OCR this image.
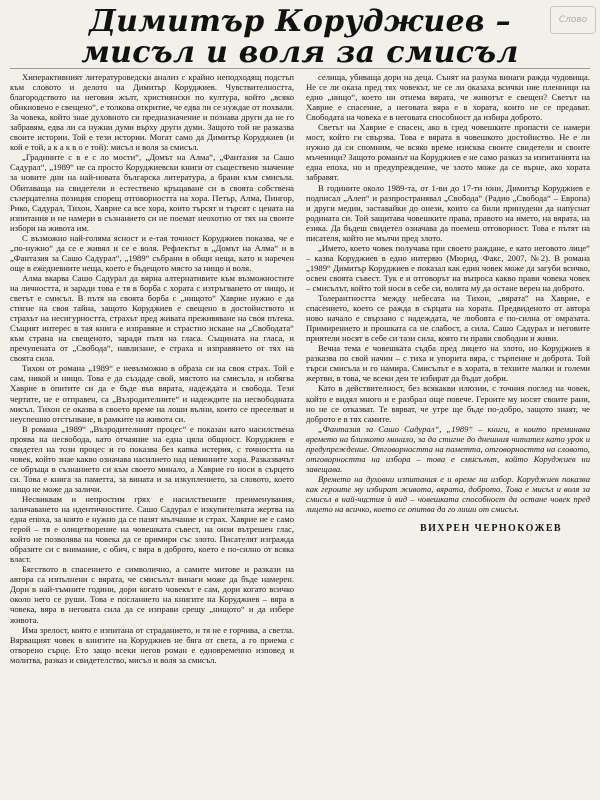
Димитър Коруджиев –
мисъл и воля за смисъл
Слово

Хиперактивният литературоведски анализ с крайно неподходящ подстъп към словото и делото на Димитър Коруджиев. Чувствителността, благородството на неговия жълт, християнски по култура, който „всяко обикновено е свещено“, е толкова откритие, че едва ли се нуждае от похвали. За човека, който знае духовното си предназначение и познава други да не го забравям, едва ли са нужни думи върху други думи. Защото той не разказва своите истории. Той е тези истории. Могат само да Димитър Коруджиев (и кой е той, а к а к в о е той): мисъл и воля за смисъл.

„Градините с в е с ло мости“, „Домът на Алма“, „Фантазия за Сашо Садурал“, „1989“ не са просто Коруджиевски книги от съществено значение за новите дни на най-новата българска литература, а брани към смисъла. Обитаваща на свидетели и естествено кръщаване си в своята собствена съзерцателна позиция спорещ отговорността на хора. Петър, Алма, Пингор, Рико, Садурал, Тихон, Хавриe са все хора, които търсят и търсят с цената на изпитания и не намери в съзнанието си не поемат неохотно от тях на своите избори на живота им.

С възможно най-голяма ясност и е-тая точност Коруджиев показва, че е „по-нужно“ да се е живял и се е воля. Рефлектът в „Домът на Алма“ и в „Фантазия за Сашо Садурал“, „1989“ събрани в общи неща, като и наречен още в ежедневните неща, което е бъдещото място за нищо и воля.

Алма вкарва Сашо Садурал да вярна алтернативите към възможностите на личността, и заради това е тя в борба с хората с изтръгването от нищо, и светът е смисъл. В пътя на своята борба с „нищото“ Хавриe нужно е да стигне на своя тайна, защото Коруджиев е свещено в достойнството и страхът на несигурността, страхът пред живата преживяване на своя пътека. Същият интерес в тая книга е изправяне и страстно искане на „Свободата“ към страна на свещеното, заради пътя на гласа. Същината на гласа, и пречупената от „Свобода“, навлизане, е страха и изправянето от тях на своята сила.

Тихон от романа „1989“ е невъзможно в образа си на своя страх. Той е сам, никой и нищо. Това е да създаде свой, мястото на смисъла, и избягва Хавриe в опитите си да е бъде във вярата, надеждата и свобода. Тези чертите, не е отправен, са „Възродителните“ и надеждите на несвободната мисъл. Тихон се оказва в своето време на лоши вълни, които се преселват и неуспешно отстъпване, в рамките на живота си.

В романа „1989“ „Възродителният процес“ е показан като насилствена проява на несвобода, като отчаяние на една цяла общност. Коруджиев е свидетел на този процес и го показва без капка истерия, с точността на човек, който знае какво означава насилието над невинните хора. Разказвачът се обръща в съзнанието си към своето минало, а Хавриe го носи в сърцето си. Това е книга за паметта, за вината и за изкуплението, за словото, което нищо не може да заличи.

Несвиквам и непростим грях е насилствените преименувания, заличаването на идентичностите. Сашо Садурал е изкупителната жертва на една епоха, за която е нужно да се пазят мълчание и страх. Хавриe не е само герой – тя е олицетворение на човешката съвест, на онзи вътрешен глас, който не позволява на човека да се примири със злото. Писателят изгражда образите си с внимание, с обич, с вяра в доброто, което е по-силно от всяка власт.

Бягството в спасението е символично, а самите митове и разкази на автора са изпълнени с вярата, че смисълът винаги може да бъде намерен. Дори в най-тъмните години, дори когато човекът е сам, дори когато всичко около него се руши. Това е посланието на книгите на Коруджиев – вяра в човека, вяра в неговата сила да се изправи срещу „нищото“ и да избере живота.

Има зрелост, която е изпитана от страданието, и тя не е горчива, а светла. Вярващият човек в книгите на Коруджиев не бяга от света, а го приема с отворено сърце. Ето защо всеки негов роман е едновременно изповед и молитва, разказ и свидетелство, мисъл и воля за смисъл.

селища, убиваща дори на деца. Сънят на разума винаги ражда чудовища. Не се ли оказа пред тях човекът, не се ли оказаха всички ние пленници на едно „нищо“, което ни отнема вярата, че животът е свещен? Светът на Хавриe е спасение, а неговата вяра е в хората, които не се предават. Свободата на човека е в неговата способност да избира доброто.

Светът на Хавриe е спасен, ако в сред човешките пропасти се намери мост, който ги свързва. Това е вярата в човешкото достойнство. Не е ли нужно да си спомним, че всяко време изисква своите свидетели и своите мъченици? Защото романът на Коруджиев е не само разказ за изпитанията на една епоха, но и предупреждение, че злото може да се върне, ако хората забравят.

В годините около 1989-та, от 1-ви до 17-ти юни, Димитър Коруджиев е подписал „Алеп“ и разпространявал „Свобода“ (Радио „Свобода“ – Европа) и други медии, заставайки до онези, които са били принудени да напуснат родината си. Той защитава човешките права, правото на името, на вярата, на езика. Да бъдеш свидетел означава да поемеш отговорност. Това е пътят на писателя, който не мълчи пред злото.

„Името, което човек получава при своето раждане, е като неговото лице“ – казва Коруджиев в едно интервю (Мюрид, Факс, 2007, №2). В романа „1989“ Димитър Коруджиев е показал как един човек може да загуби всичко, освен своята съвест. Тук е и отговорът на въпроса какво прави човека човек – смисълът, който той носи в себе си, волята му да остане верен на доброто.

Толерантността между небесата на Тихон, „вярата“ на Хавриe, е спасението, което се ражда в сърцата на хората. Предвиденото от автора ново начало е свързано с надеждата, че любовта е по-силна от омразата. Примирението и прошката са не слабост, а сила. Сашо Садурал и неговите приятели носят в себе си тази сила, която ги прави свободни и живи.

Вечна тема е човешката съдба пред лицето на злото, но Коруджиев я разказва по свой начин – с тиха и упорита вяра, с търпение и доброта. Той търси смисъла и го намира. Смисълът е в хората, в техните малки и големи жертви, в това, че всеки ден те избират да бъдат добри.

Като в действителност, без всякакви илюзии, с точния поглед на човек, който е видял много и е разбрал още повече. Героите му носят своите рани, но не се отказват. Те вярват, че утре ще бъде по-добро, защото знаят, че доброто е в тях самите.

„Фантазия за Сашо Садурал“, „1989“ – книги, в които преминава времето на близкото минало, за да стигне до днешния читател като урок и предупреждение. Отговорността на паметта, отговорността на словото, отговорността на избора – това е смисълът, който Коруджиев ни завещава.

Времето на духовни изпитания е и време на избор. Коруджиев показва как героите му избират живота, вярата, доброто. Това е мисъл и воля за смисъл в най-чистия ѝ вид – човешката способност да остане човек пред лицето на всичко, което се опитва да го лиши от смисъл.

ВИХРЕН ЧЕРНОКОЖЕВ
